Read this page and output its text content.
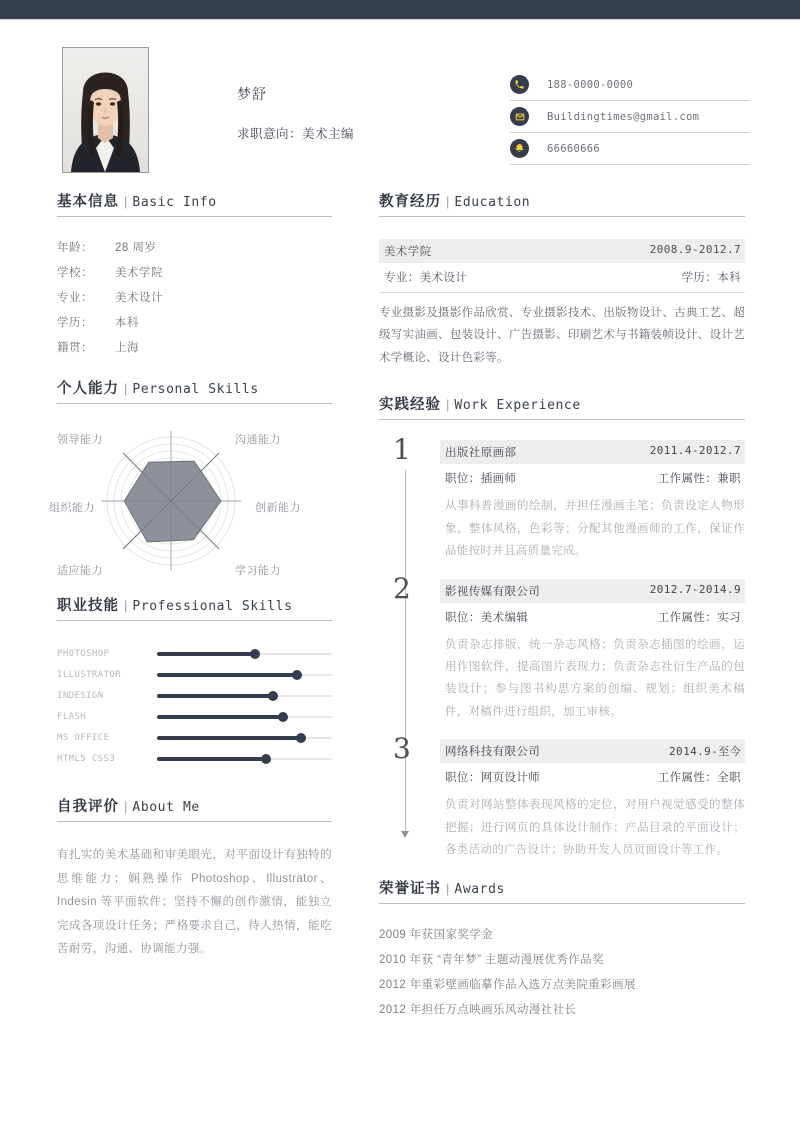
梦舒
求职意向：美术主编
188-0000-0000
Buildingtimes@gmail.com
66660666
基本信息 | Basic Info
年龄：	28 周岁
学校：	美术学院
专业：	美术设计
学历：	本科
籍贯：	上海
个人能力 | Personal Skills
领导能力	沟通能力
组织能力	创新能力
适应能力	学习能力
职业技能 | Professional Skills
PHOTOSHOP
ILLUSTRATOR
INDESIGN
FLASH
MS OFFICE
HTML5 CSS3
自我评价 | About Me
有扎实的美术基础和审美眼光，对平面设计有独特的思维能力；娴熟操作 Photoshop、Illustrator、Indesin 等平面软件；坚持不懈的创作激情，能独立完成各项设计任务；严格要求自己，待人热情，能吃苦耐劳，沟通、协调能力强。
教育经历 | Education
美术学院	2008.9-2012.7
专业：美术设计	学历：本科
专业摄影及摄影作品欣赏、专业摄影技术、出版物设计、古典工艺、超级写实油画、包装设计、广告摄影、印刷艺术与书籍装帧设计、设计艺术学概论、设计色彩等。
实践经验 | Work Experience
1	出版社原画部	2011.4-2012.7
职位：插画师	工作属性：兼职
从事科普漫画的绘制，并担任漫画主笔；负责设定人物形象，整体风格，色彩等；分配其他漫画师的工作，保证作品能按时并且高质量完成。
2	影视传媒有限公司	2012.7-2014.9
职位：美术编辑	工作属性：实习
负责杂志排版，统一杂志风格；负责杂志插图的绘画，运用作图软件，提高图片表现力；负责杂志社衍生产品的包装设计；参与图书构思方案的创编、规划；组织美术稿件，对稿件进行组织，加工审核。
3	网络科技有限公司	2014.9-至今
职位：网页设计师	工作属性：全职
负责对网站整体表现风格的定位，对用户视觉感受的整体把握；进行网页的具体设计制作；产品目录的平面设计；各类活动的广告设计；协助开发人员页面设计等工作。
荣誉证书 | Awards
2009 年获国家奖学金
2010 年获 “青年梦” 主题动漫展优秀作品奖
2012 年重彩壁画临摹作品入选万点美院重彩画展
2012 年担任万点映画乐风动漫社社长
